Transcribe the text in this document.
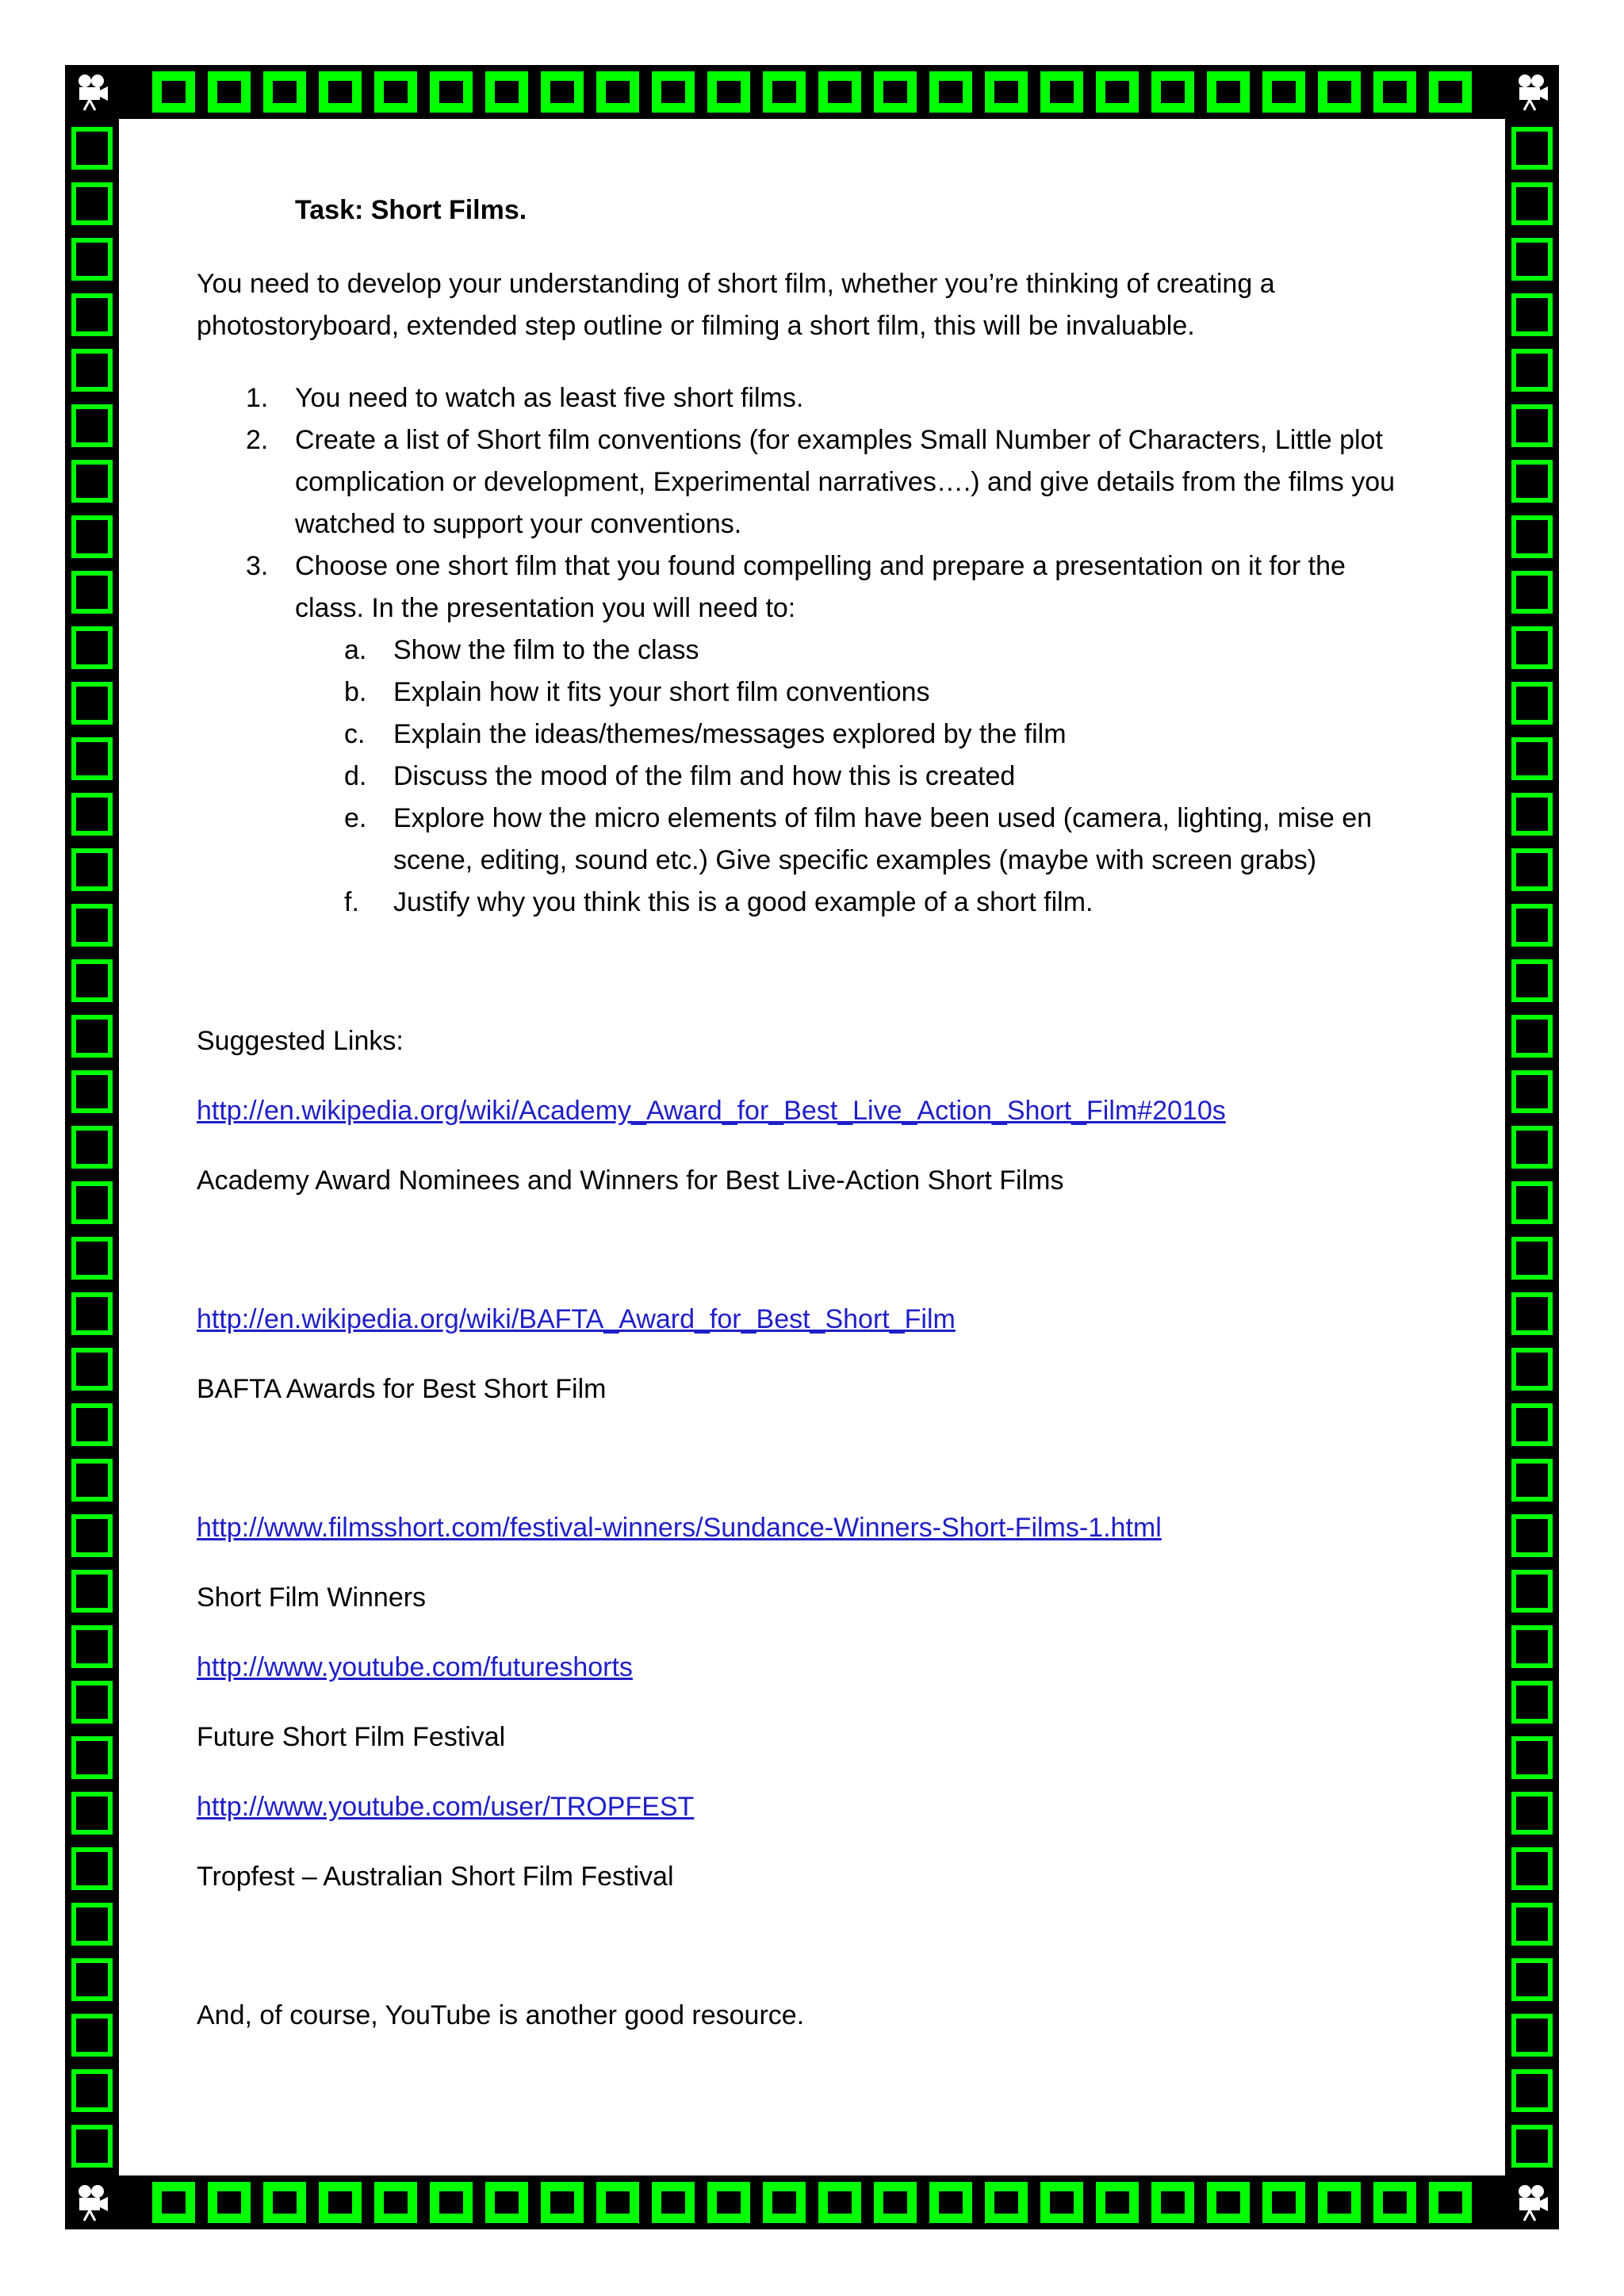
Task: Short Films.
You need to develop your understanding of short film, whether you’re thinking of creating a photostoryboard, extended step outline or filming a short film, this will be invaluable.
1. You need to watch as least five short films.
2. Create a list of Short film conventions (for examples Small Number of Characters, Little plot complication or development, Experimental narratives….) and give details from the films you watched to support your conventions.
3. Choose one short film that you found compelling and prepare a presentation on it for the class. In the presentation you will need to:
a. Show the film to the class
b. Explain how it fits your short film conventions
c. Explain the ideas/themes/messages explored by the film
d. Discuss the mood of the film and how this is created
e. Explore how the micro elements of film have been used (camera, lighting, mise en scene, editing, sound etc.) Give specific examples (maybe with screen grabs)
f. Justify why you think this is a good example of a short film.
Suggested Links:
http://en.wikipedia.org/wiki/Academy_Award_for_Best_Live_Action_Short_Film#2010s
Academy Award Nominees and Winners for Best Live-Action Short Films
http://en.wikipedia.org/wiki/BAFTA_Award_for_Best_Short_Film
BAFTA Awards for Best Short Film
http://www.filmsshort.com/festival-winners/Sundance-Winners-Short-Films-1.html
Short Film Winners
http://www.youtube.com/futureshorts
Future Short Film Festival
http://www.youtube.com/user/TROPFEST
Tropfest – Australian Short Film Festival
And, of course, YouTube is another good resource.
